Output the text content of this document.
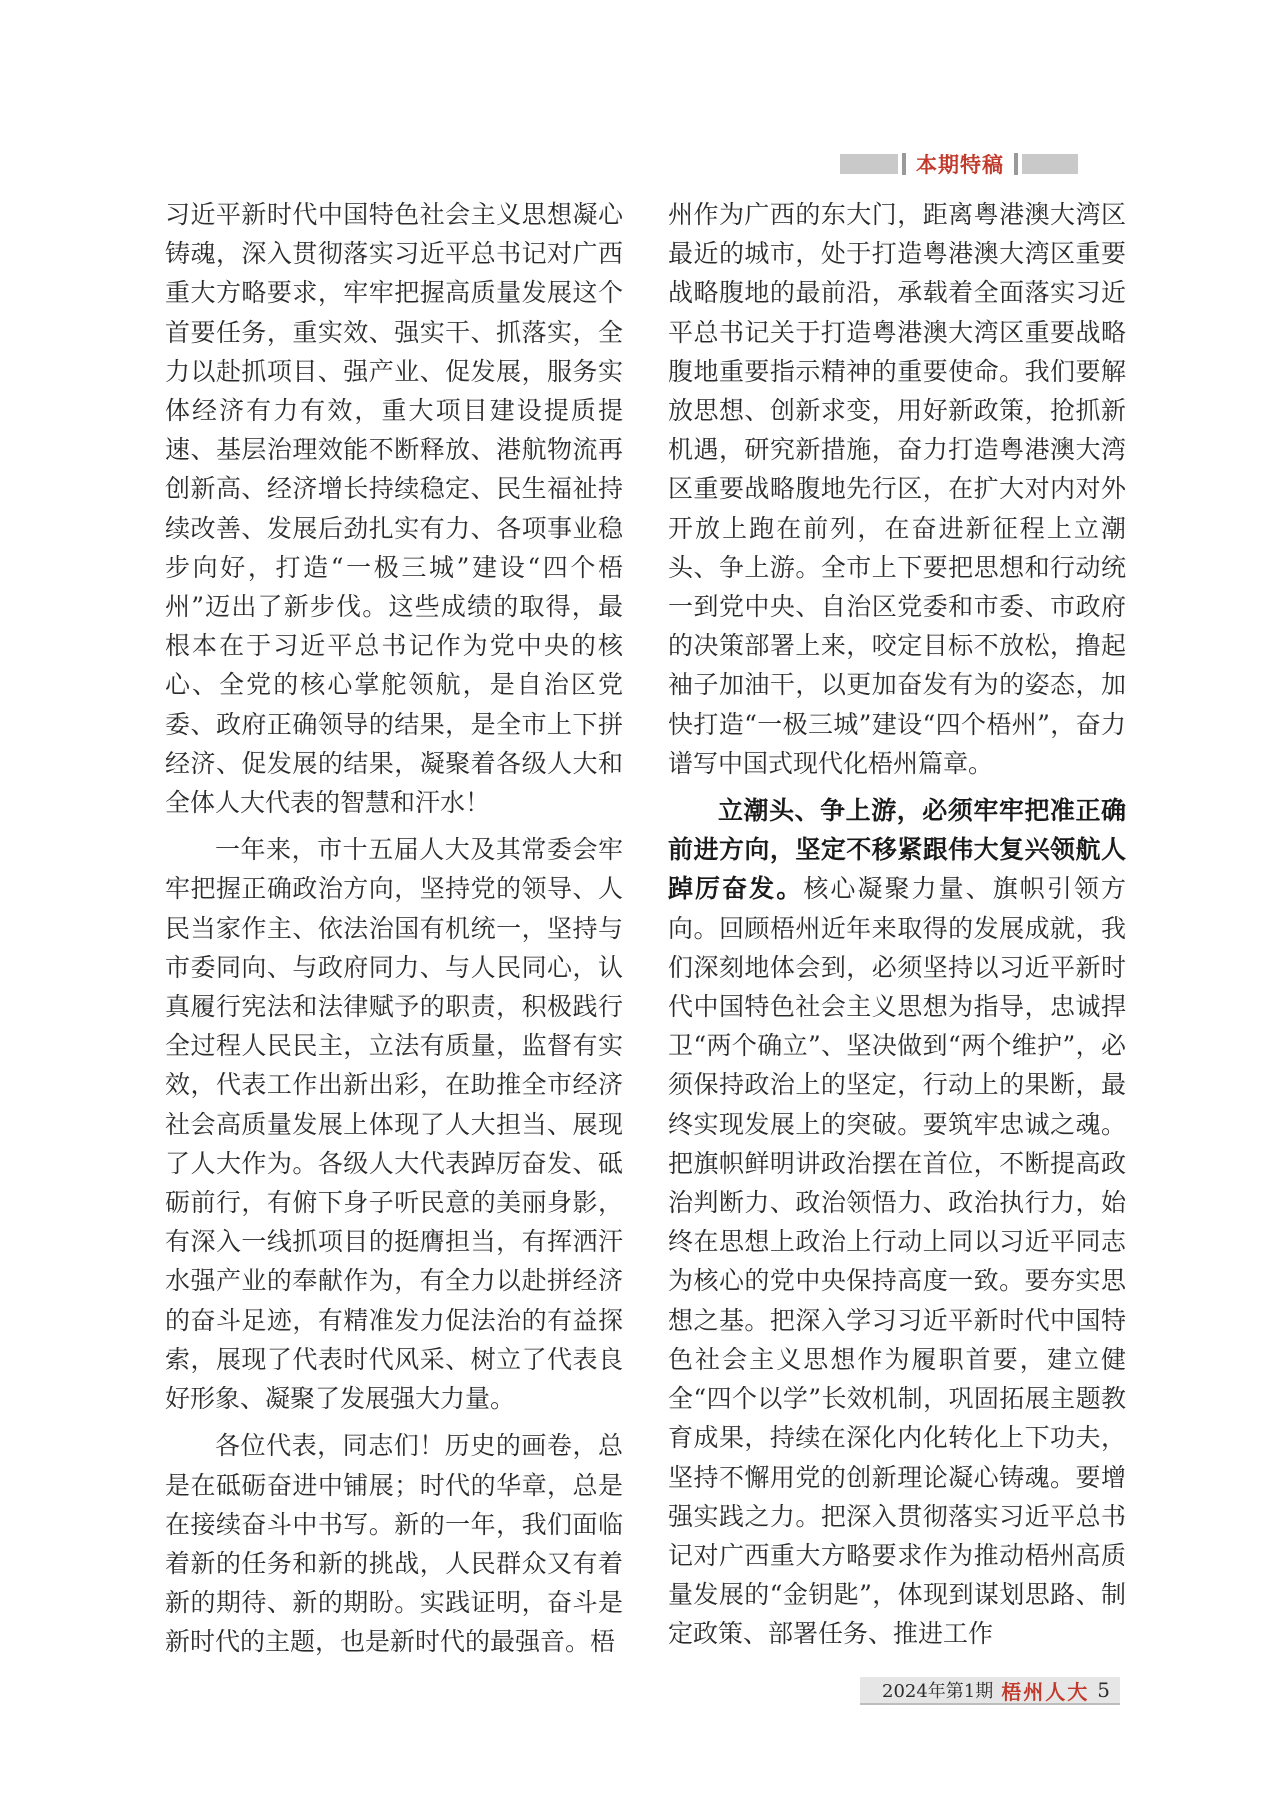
本期特稿

习近平新时代中国特色社会主义思想凝心铸魂，深入贯彻落实习近平总书记对广西重大方略要求，牢牢把握高质量发展这个首要任务，重实效、强实干、抓落实，全力以赴抓项目、强产业、促发展，服务实体经济有力有效，重大项目建设提质提速、基层治理效能不断释放、港航物流再创新高、经济增长持续稳定、民生福祉持续改善、发展后劲扎实有力、各项事业稳步向好，打造“一极三城”建设“四个梧州”迈出了新步伐。这些成绩的取得，最根本在于习近平总书记作为党中央的核心、全党的核心掌舵领航，是自治区党委、政府正确领导的结果，是全市上下拼经济、促发展的结果，凝聚着各级人大和全体人大代表的智慧和汗水！

一年来，市十五届人大及其常委会牢牢把握正确政治方向，坚持党的领导、人民当家作主、依法治国有机统一，坚持与市委同向、与政府同力、与人民同心，认真履行宪法和法律赋予的职责，积极践行全过程人民民主，立法有质量，监督有实效，代表工作出新出彩，在助推全市经济社会高质量发展上体现了人大担当、展现了人大作为。各级人大代表踔厉奋发、砥砺前行，有俯下身子听民意的美丽身影，有深入一线抓项目的挺膺担当，有挥洒汗水强产业的奉献作为，有全力以赴拼经济的奋斗足迹，有精准发力促法治的有益探索，展现了代表时代风采、树立了代表良好形象、凝聚了发展强大力量。

各位代表，同志们！历史的画卷，总是在砥砺奋进中铺展；时代的华章，总是在接续奋斗中书写。新的一年，我们面临着新的任务和新的挑战，人民群众又有着新的期待、新的期盼。实践证明，奋斗是新时代的主题，也是新时代的最强音。梧

州作为广西的东大门，距离粤港澳大湾区最近的城市，处于打造粤港澳大湾区重要战略腹地的最前沿，承载着全面落实习近平总书记关于打造粤港澳大湾区重要战略腹地重要指示精神的重要使命。我们要解放思想、创新求变，用好新政策，抢抓新机遇，研究新措施，奋力打造粤港澳大湾区重要战略腹地先行区，在扩大对内对外开放上跑在前列，在奋进新征程上立潮头、争上游。全市上下要把思想和行动统一到党中央、自治区党委和市委、市政府的决策部署上来，咬定目标不放松，撸起袖子加油干，以更加奋发有为的姿态，加快打造“一极三城”建设“四个梧州”，奋力谱写中国式现代化梧州篇章。

立潮头、争上游，必须牢牢把准正确前进方向，坚定不移紧跟伟大复兴领航人踔厉奋发。核心凝聚力量、旗帜引领方向。回顾梧州近年来取得的发展成就，我们深刻地体会到，必须坚持以习近平新时代中国特色社会主义思想为指导，忠诚捍卫“两个确立”、坚决做到“两个维护”，必须保持政治上的坚定，行动上的果断，最终实现发展上的突破。要筑牢忠诚之魂。把旗帜鲜明讲政治摆在首位，不断提高政治判断力、政治领悟力、政治执行力，始终在思想上政治上行动上同以习近平同志为核心的党中央保持高度一致。要夯实思想之基。把深入学习习近平新时代中国特色社会主义思想作为履职首要，建立健全“四个以学”长效机制，巩固拓展主题教育成果，持续在深化内化转化上下功夫，坚持不懈用党的创新理论凝心铸魂。要增强实践之力。把深入贯彻落实习近平总书记对广西重大方略要求作为推动梧州高质量发展的“金钥匙”，体现到谋划思路、制定政策、部署任务、推进工作

2024年第1期 梧州人大 5
